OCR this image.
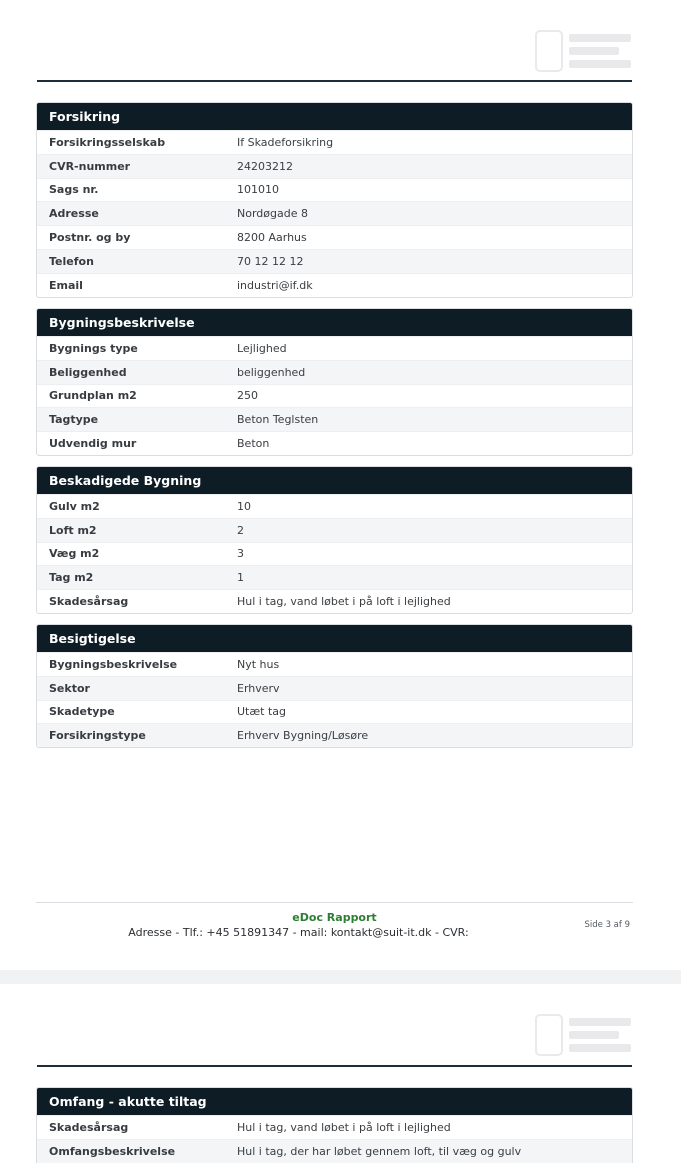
Forsikring
Forsikringsselskab	If Skadeforsikring
CVR-nummer	24203212
Sags nr.	101010
Adresse	Nordøgade 8
Postnr. og by	8200 Aarhus
Telefon	70 12 12 12
Email	industri@if.dk
Bygningsbeskrivelse
Bygnings type	Lejlighed
Beliggenhed	beliggenhed
Grundplan m2	250
Tagtype	Beton Teglsten
Udvendig mur	Beton
Beskadigede Bygning
Gulv m2	10
Loft m2	2
Væg m2	3
Tag m2	1
Skadesårsag	Hul i tag, vand løbet i på loft i lejlighed
Besigtigelse
Bygningsbeskrivelse	Nyt hus
Sektor	Erhverv
Skadetype	Utæt tag
Forsikringstype	Erhverv Bygning/Løsøre
eDoc Rapport
Adresse - Tlf.: +45 51891347 - mail: kontakt@suit-it.dk - CVR:
Side 3 af 9
Omfang - akutte tiltag
Skadesårsag	Hul i tag, vand løbet i på loft i lejlighed
Omfangsbeskrivelse	Hul i tag, der har løbet gennem loft, til væg og gulv
